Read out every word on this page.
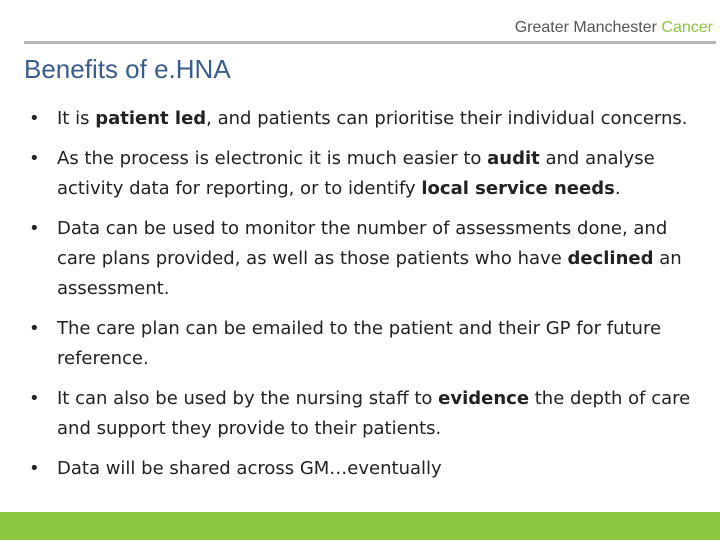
Greater Manchester Cancer
Benefits of e.HNA
• It is patient led, and patients can prioritise their individual concerns.
• As the process is electronic it is much easier to audit and analyse activity data for reporting, or to identify local service needs.
• Data can be used to monitor the number of assessments done, and care plans provided, as well as those patients who have declined an assessment.
• The care plan can be emailed to the patient and their GP for future reference.
• It can also be used by the nursing staff to evidence the depth of care and support they provide to their patients.
• Data will be shared across GM…eventually
